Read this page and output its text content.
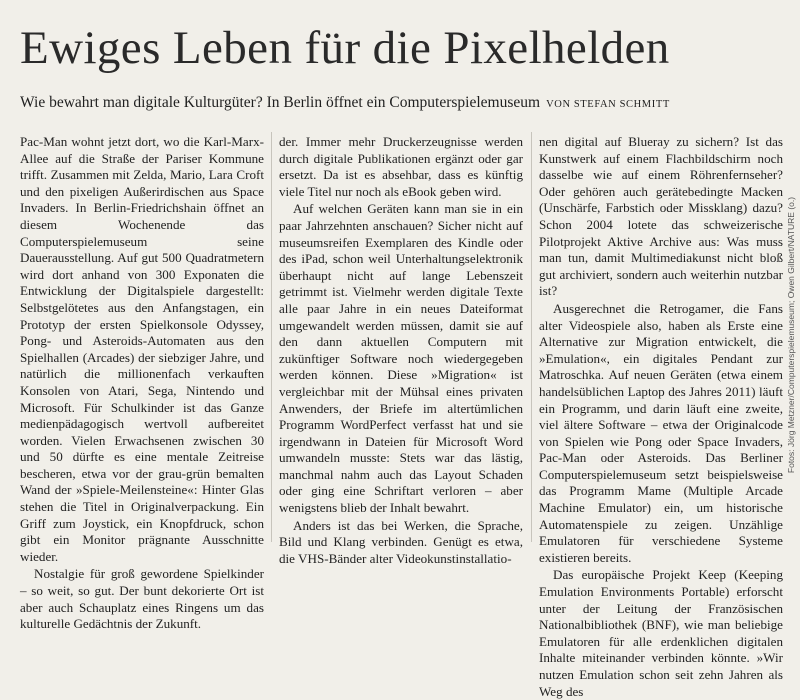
Ewiges Leben für die Pixelhelden
Wie bewahrt man digitale Kulturgüter? In Berlin öffnet ein Computerspielemuseum VON STEFAN SCHMITT

Pac-Man wohnt jetzt dort, wo die Karl-Marx-Allee auf die Straße der Pariser Kommune trifft. Zusammen mit Zelda, Mario, Lara Croft und den pixeligen Außerirdischen aus Space Invaders. In Berlin-Friedrichshain öffnet an diesem Wochenende das Computerspielemuseum seine Dauerausstellung. Auf gut 500 Quadratmetern wird dort anhand von 300 Exponaten die Entwicklung der Digitalspiele dargestellt: Selbstgelötetes aus den Anfangstagen, ein Prototyp der ersten Spielkonsole Odyssey, Pong- und Asteroids-Automaten aus den Spielhallen (Arcades) der siebziger Jahre, und natürlich die millionenfach verkauften Konsolen von Atari, Sega, Nintendo und Microsoft. Für Schulkinder ist das Ganze medienpädagogisch wertvoll aufbereitet worden. Vielen Erwachsenen zwischen 30 und 50 dürfte es eine mentale Zeitreise bescheren, etwa vor der grau-grün bemalten Wand der »Spiele-Meilensteine«: Hinter Glas stehen die Titel in Originalverpackung. Ein Griff zum Joystick, ein Knopfdruck, schon gibt ein Monitor prägnante Ausschnitte wieder.

Nostalgie für groß gewordene Spielkinder – so weit, so gut. Der bunt dekorierte Ort ist aber auch Schauplatz eines Ringens um das kulturelle Gedächtnis der Zukunft.

der. Immer mehr Druckerzeugnisse werden durch digitale Publikationen ergänzt oder gar ersetzt. Da ist es absehbar, dass es künftig viele Titel nur noch als eBook geben wird.

Auf welchen Geräten kann man sie in ein paar Jahrzehnten anschauen? Sicher nicht auf museumsreifen Exemplaren des Kindle oder des iPad, schon weil Unterhaltungselektronik überhaupt nicht auf lange Lebenszeit getrimmt ist. Vielmehr werden digitale Texte alle paar Jahre in ein neues Dateiformat umgewandelt werden müssen, damit sie auf den dann aktuellen Computern mit zukünftiger Software noch wiedergegeben werden können. Diese »Migration« ist vergleichbar mit der Mühsal eines privaten Anwenders, der Briefe im altertümlichen Programm WordPerfect verfasst hat und sie irgendwann in Dateien für Microsoft Word umwandeln musste: Stets war das lästig, manchmal nahm auch das Layout Schaden oder ging eine Schriftart verloren – aber wenigstens blieb der Inhalt bewahrt.

Anders ist das bei Werken, die Sprache, Bild und Klang verbinden. Genügt es etwa, die VHS-Bänder alter Videokunstinstallatio-

nen digital auf Blueray zu sichern? Ist das Kunstwerk auf einem Flachbildschirm noch dasselbe wie auf einem Röhrenfernseher? Oder gehören auch gerätebedingte Macken (Unschärfe, Farbstich oder Missklang) dazu? Schon 2004 lotete das schweizerische Pilotprojekt Aktive Archive aus: Was muss man tun, damit Multimediakunst nicht bloß gut archiviert, sondern auch weiterhin nutzbar ist?

Ausgerechnet die Retrogamer, die Fans alter Videospiele also, haben als Erste eine Alternative zur Migration entwickelt, die »Emulation«, ein digitales Pendant zur Matroschka. Auf neuen Geräten (etwa einem handelsüblichen Laptop des Jahres 2011) läuft ein Programm, und darin läuft eine zweite, viel ältere Software – etwa der Originalcode von Spielen wie Pong oder Space Invaders, Pac-Man oder Asteroids. Das Berliner Computerspielemuseum setzt beispielsweise das Programm Mame (Multiple Arcade Machine Emulator) ein, um historische Automatenspiele zu zeigen. Unzählige Emulatoren für verschiedene Systeme existieren bereits.

Das europäische Projekt Keep (Keeping Emulation Environments Portable) erforscht unter der Leitung der Französischen Nationalbibliothek (BNF), wie man beliebige Emulatoren für alle erdenklichen digitalen Inhalte miteinander verbinden könnte. »Wir nutzen Emulation schon seit zehn Jahren als Weg des

Fotos: Jörg Metzner/Computerspielemuseum; Owen Gilbert/NATURE (o.)
